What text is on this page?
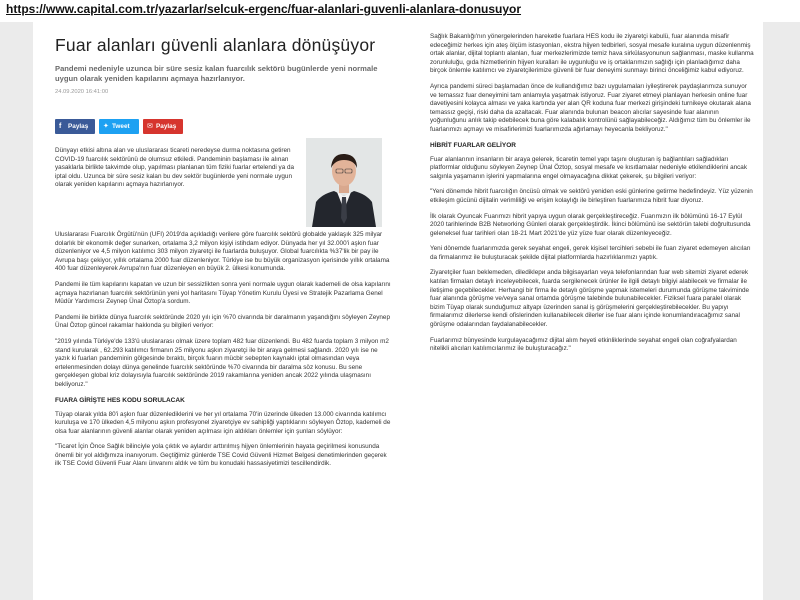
https://www.capital.com.tr/yazarlar/selcuk-ergenc/fuar-alanlari-guvenli-alanlara-donusuyor
Fuar alanları güvenli alanlara dönüşüyor
Pandemi nedeniyle uzunca bir süre sesiz kalan fuarcılık sektörü bugünlerde yeni normale uygun olarak yeniden kapılarını açmaya hazırlanıyor.
24.09.2020 16:41:00
f Paylaş	✦ Tweet	✉ Paylaş
Dünyayı etkisi altına alan ve uluslararası ticareti neredeyse durma noktasına getiren COVID-19 fuarcılık sektörünü de olumsuz etkiledi. Pandeminin başlaması ile alınan yasaklarla birlikte takvimde olup, yapılması planlanan tüm fiziki fuarlar ertelendi ya da iptal oldu. Uzunca bir süre sesiz kalan bu dev sektör bugünlerde yeni normale uygun olarak yeniden kapılarını açmaya hazırlanıyor.
Uluslararası Fuarcılık Örgütü'nün (UFI) 2019'da açıkladığı verilere göre fuarcılık sektörü globalde yaklaşık 325 milyar dolarlık bir ekonomik değer sunarken, ortalama 3,2 milyon kişiyi istihdam ediyor. Dünyada her yıl 32.000'i aşkın fuar düzenleniyor ve 4,5 milyon katılımcı 303 milyon ziyaretçi ile fuarlarda buluşuyor. Global fuarcılıkta %37'lik bir pay ile Avrupa başı çekiyor, yıllık ortalama 2000 fuar düzenleniyor. Türkiye ise bu büyük organizasyon içerisinde yıllık ortalama 400 fuar düzenleyerek Avrupa'nın fuar düzenleyen en büyük 2. ülkesi konumunda.
Pandemi ile tüm kapılarını kapatan ve uzun bir sessizlikten sonra yeni normale uygun olarak kademeli de olsa kapılarını açmaya hazırlanan fuarcılık sektörünün yeni yol haritasını Tüyap Yönetim Kurulu Üyesi ve Stratejik Pazarlama Genel Müdür Yardımcısı Zeynep Ünal Öztop'a sordum.
Pandemi ile birlikte dünya fuarcılık sektöründe 2020 yılı için %70 civarında bir daralmanın yaşandığını söyleyen Zeynep Ünal Öztop güncel rakamlar hakkında şu bilgileri veriyor:
"2019 yılında Türkiye'de 133'ü uluslararası olmak üzere toplam 482 fuar düzenlendi. Bu 482 fuarda toplam 3 milyon m2 stand kurularak , 62.293 katılımcı firmanın 25 milyonu aşkın ziyaretçi ile bir araya gelmesi sağlandı. 2020 yılı ise ne yazık ki fuarları pandeminin gölgesinde bıraktı, birçok fuarın mücbir sebepten kaynaklı iptal olmasından veya ertelenmesinden dolayı dünya genelinde fuarcılık sektöründe %70 civarında bir daralma söz konusu. Bu sene gerçekleşen global kriz dolayısıyla fuarcılık sektöründe 2019 rakamlarına yeniden ancak 2022 yılında ulaşmasını bekliyoruz."
FUARA GİRİŞTE HES KODU SORULACAK
Tüyap olarak yılda 80'i aşkın fuar düzenlediklerini ve her yıl ortalama 70'in üzerinde ülkeden 13.000 civarında katılımcı kuruluşa ve 170 ülkeden 4,5 milyonu aşkın profesyonel ziyaretçiye ev sahipliği yaptıklarını söyleyen Öztop, kademeli de olsa fuar alanlarının güvenli alanlar olarak yeniden açılması için aldıkları önlemler için şunları söylüyor:
"Ticaret İçin Önce Sağlık bilinciyle yola çıktık ve aylardır arttırılmış hijyen önlemlerinin hayata geçirilmesi konusunda önemli bir yol aldığımıza inanıyorum. Geçtiğimiz günlerde TSE Covid Güvenli Hizmet Belgesi denetimlerinden geçerek ilk TSE Covid Güvenli Fuar Alanı ünvanını aldık ve tüm bu konudaki hassasiyetimizi tescillendirdik.
Sağlık Bakanlığı'nın yönergelerinden hareketle fuarlara HES kodu ile ziyaretçi kabulü, fuar alanında misafir edeceğimiz herkes için ateş ölçüm istasyonları, ekstra hijyen tedbirleri, sosyal mesafe kuralına uygun düzenlenmiş ortak alanlar, dijital toplantı alanları, fuar merkezlerimizde temiz hava sirkülasyonunun sağlanması, maske kullanma zorunluluğu, gıda hizmetlerinin hijyen kuralları ile uygunluğu ve iş ortaklarımızın sağlığı için planladığımız daha birçok önlemle katılımcı ve ziyaretçilerimize güvenli bir fuar deneyimi sunmayı birinci önceliğimiz kabul ediyoruz.
Ayrıca pandemi süreci başlamadan önce de kullandığımız bazı uygulamaları iyileştirerek paydaşlarımıza sunuyor ve temassız fuar deneyimini tam anlamıyla yaşatmak istiyoruz. Fuar ziyaret etmeyi planlayan herkesin online fuar davetiyesini kolayca alması ve yaka kartında yer alan QR koduna fuar merkezi girişindeki turnikeye okutarak alana temassız geçişi, riski daha da azaltacak. Fuar alanında bulunan beacon alıcılar sayesinde fuar alanının yoğunluğunu anlık takip edebilecek buna göre kalabalık kontrolünü sağlayabileceğiz. Aldığımız tüm bu önlemler ile fuarlarımızı açmayı ve misafirlerimizi fuarlarımızda ağırlamayı heyecanla bekliyoruz."
HİBRİT FUARLAR GELİYOR
Fuar alanlarının insanların bir araya gelerek, ticaretin temel yapı taşını oluşturan iş bağlantıları sağladıkları platformlar olduğunu söyleyen Zeynep Ünal Öztop, sosyal mesafe ve kısıtlamalar nedeniyle etkilendiklerini ancak salgınla yaşamanın işlerini yapmalarına engel olmayacağına dikkat çekerek, şu bilgileri veriyor:
"Yeni dönemde hibrit fuarcılığın öncüsü olmak ve sektörü yeniden eski günlerine getirme hedefindeyiz. Yüz yüzenin etkileşim gücünü dijitalin verimliliği ve erişim kolaylığı ile birleştiren fuarlarımıza hibrit fuar diyoruz.
İlk olarak Oyuncak Fuarımızı hibrit yapıya uygun olarak gerçekleştireceğiz. Fuarımızın ilk bölümünü 16-17 Eylül 2020 tarihlerinde B2B Networking Günleri olarak gerçekleştirdik. İkinci bölümünü ise sektörün talebi doğrultusunda geleneksel fuar tarihleri olan 18-21 Mart 2021'de yüz yüze fuar olarak düzenleyeceğiz.
Yeni dönemde fuarlarımızda gerek seyahat engeli, gerek kişisel tercihleri sebebi ile fuarı ziyaret edemeyen alıcıları da firmalarımız ile buluşturacak şekilde dijital platformlarda hazırlıklarımızı yaptık.
Ziyaretçiler fuarı beklemeden, dilediklери anda bilgisayarları veya telefonlarından fuar web sitemizi ziyaret ederek katılan firmaları detaylı inceleyebilecek, fuarda sergilenecek ürünler ile ilgili detaylı bilgiyi alabilecek ve firmalar ile iletişime geçebilecekler. Herhangi bir firma ile detaylı görüşme yapmak istemeleri durumunda görüşme takviminde fuar alanında görüşme ve/veya sanal ortamda görüşme talebinde bulunabilecekler. Fiziksel fuara paralel olarak bizim Tüyap olarak sunduğumuz altyapı üzerinden sanal iş görüşmelerini gerçekleştirebilecekler. Bu yapıyı firmalarımız dilerlerse kendi ofislerinden kullanabilecek dilerler ise fuar alanı içinde konumlandıracağımız sanal görüşme odalarından faydalanabilecekler.
Fuarlarımız bünyesinde kurgulayacağımız dijital alım heyeti etkinliklerinde seyahat engeli olan coğrafyalardan nitelikli alıcıları katılımcılarımız ile buluşturacağız."
